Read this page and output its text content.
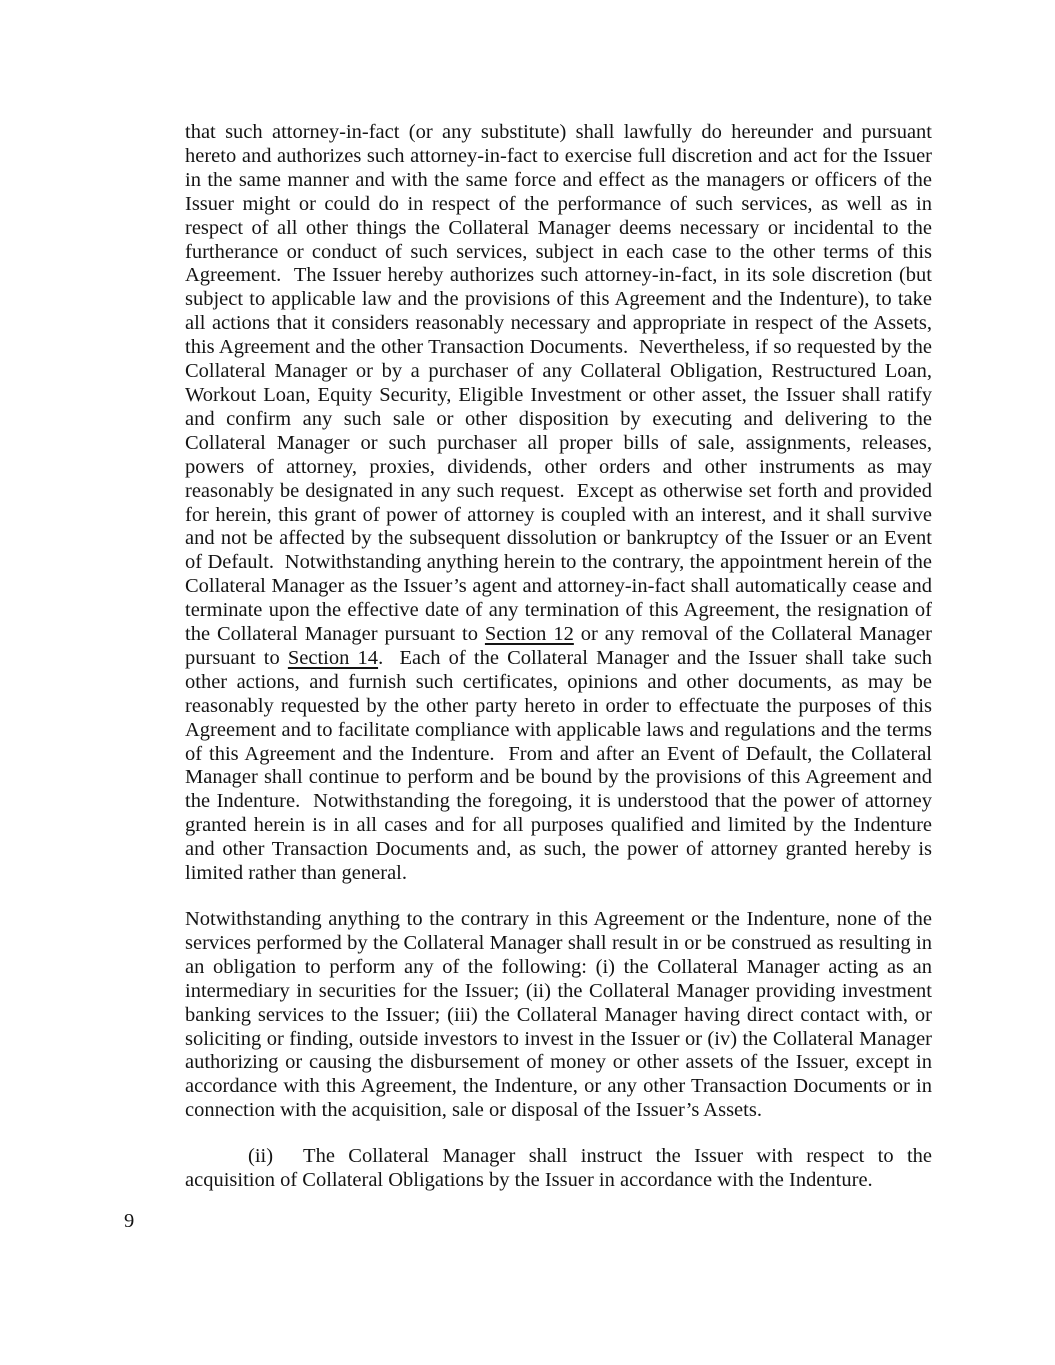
that such attorney-in-fact (or any substitute) shall lawfully do hereunder and pursuant hereto and authorizes such attorney-in-fact to exercise full discretion and act for the Issuer in the same manner and with the same force and effect as the managers or officers of the Issuer might or could do in respect of the performance of such services, as well as in respect of all other things the Collateral Manager deems necessary or incidental to the furtherance or conduct of such services, subject in each case to the other terms of this Agreement.  The Issuer hereby authorizes such attorney-in-fact, in its sole discretion (but subject to applicable law and the provisions of this Agreement and the Indenture), to take all actions that it considers reasonably necessary and appropriate in respect of the Assets, this Agreement and the other Transaction Documents.  Nevertheless, if so requested by the Collateral Manager or by a purchaser of any Collateral Obligation, Restructured Loan, Workout Loan, Equity Security, Eligible Investment or other asset, the Issuer shall ratify and confirm any such sale or other disposition by executing and delivering to the Collateral Manager or such purchaser all proper bills of sale, assignments, releases, powers of attorney, proxies, dividends, other orders and other instruments as may reasonably be designated in any such request.  Except as otherwise set forth and provided for herein, this grant of power of attorney is coupled with an interest, and it shall survive and not be affected by the subsequent dissolution or bankruptcy of the Issuer or an Event of Default.  Notwithstanding anything herein to the contrary, the appointment herein of the Collateral Manager as the Issuer’s agent and attorney-in-fact shall automatically cease and terminate upon the effective date of any termination of this Agreement, the resignation of the Collateral Manager pursuant to Section 12 or any removal of the Collateral Manager pursuant to Section 14.  Each of the Collateral Manager and the Issuer shall take such other actions, and furnish such certificates, opinions and other documents, as may be reasonably requested by the other party hereto in order to effectuate the purposes of this Agreement and to facilitate compliance with applicable laws and regulations and the terms of this Agreement and the Indenture.  From and after an Event of Default, the Collateral Manager shall continue to perform and be bound by the provisions of this Agreement and the Indenture.  Notwithstanding the foregoing, it is understood that the power of attorney granted herein is in all cases and for all purposes qualified and limited by the Indenture and other Transaction Documents and, as such, the power of attorney granted hereby is limited rather than general.

Notwithstanding anything to the contrary in this Agreement or the Indenture, none of the services performed by the Collateral Manager shall result in or be construed as resulting in an obligation to perform any of the following: (i) the Collateral Manager acting as an intermediary in securities for the Issuer; (ii) the Collateral Manager providing investment banking services to the Issuer; (iii) the Collateral Manager having direct contact with, or soliciting or finding, outside investors to invest in the Issuer or (iv) the Collateral Manager authorizing or causing the disbursement of money or other assets of the Issuer, except in accordance with this Agreement, the Indenture, or any other Transaction Documents or in connection with the acquisition, sale or disposal of the Issuer’s Assets.

(ii) The Collateral Manager shall instruct the Issuer with respect to the acquisition of Collateral Obligations by the Issuer in accordance with the Indenture.

9
